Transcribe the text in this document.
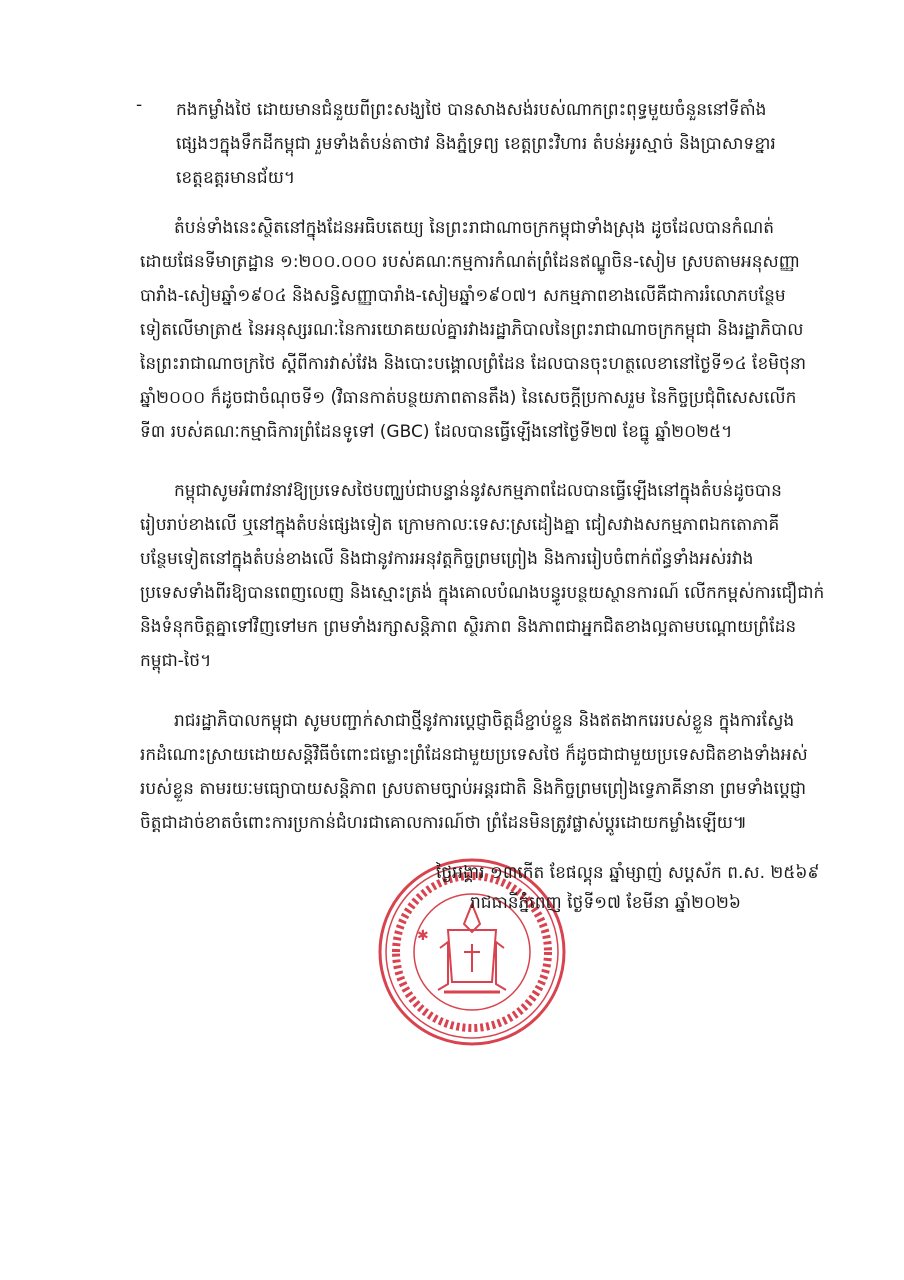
- កងកម្លាំងថៃ ដោយមានជំនួយពីព្រះសង្ឃថៃ បានសាងសង់របស់ណាកព្រះពុទ្ធមួយចំនួននៅទីតាំង
ផ្សេងៗក្នុងទឹកដីកម្ពុជា រួមទាំងតំបន់តាថាវ និងភ្នំទ្រព្យ ខេត្តព្រះវិហារ តំបន់អូរស្មាច់ និងប្រាសាទខ្នារ
ខេត្តឧត្តរមានជ័យ។
តំបន់ទាំងនេះស្ថិតនៅក្នុងដែនអធិបតេយ្យ នៃព្រះរាជាណាចក្រកម្ពុជាទាំងស្រុង ដូចដែលបានកំណត់
ដោយផែនទីមាត្រដ្ឋាន ១:២០០.០០០ របស់គណៈកម្មការកំណត់ព្រំដែនឥណ្ឌូចិន-សៀម ស្របតាមអនុសញ្ញា
បារាំង-សៀមឆ្នាំ១៩០៤ និងសន្ធិសញ្ញាបារាំង-សៀមឆ្នាំ១៩០៧។ សកម្មភាពខាងលើគឺជាការរំលោភបន្ថែម
ទៀតលើមាត្រា៥ នៃអនុស្សរណៈនៃការយោគយល់គ្នារវាងរដ្ឋាភិបាលនៃព្រះរាជាណាចក្រកម្ពុជា និងរដ្ឋាភិបាល
នៃព្រះរាជាណាចក្រថៃ ស្តីពីការវាស់វែង និងបោះបង្គោលព្រំដែន ដែលបានចុះហត្ថលេខានៅថ្ងៃទី១៤ ខែមិថុនា
ឆ្នាំ២០០០ ក៏ដូចជាចំណុចទី១ (វិធានកាត់បន្ថយភាពតានតឹង) នៃសេចក្តីប្រកាសរួម នៃកិច្ចប្រជុំពិសេសលើក
ទី៣ របស់គណៈកម្មាធិការព្រំដែនទូទៅ (GBC) ដែលបានធ្វើឡើងនៅថ្ងៃទី២៧ ខែធ្នូ ឆ្នាំ២០២៥។
កម្ពុជាសូមអំពាវនាវឱ្យប្រទេសថៃបញ្ឈប់ជាបន្ទាន់នូវសកម្មភាពដែលបានធ្វើឡើងនៅក្នុងតំបន់ដូចបាន
រៀបរាប់ខាងលើ ឬនៅក្នុងតំបន់ផ្សេងទៀត ក្រោមកាលៈទេសៈស្រដៀងគ្នា ជៀសវាងសកម្មភាពឯកតោភាគី
បន្ថែមទៀតនៅក្នុងតំបន់ខាងលើ និងជានូវការអនុវត្តកិច្ចព្រមព្រៀង និងការរៀបចំពាក់ព័ន្ធទាំងអស់រវាង
ប្រទេសទាំងពីរឱ្យបានពេញលេញ និងស្មោះត្រង់ ក្នុងគោលបំណងបន្ធូរបន្ថយស្ថានការណ៍ លើកកម្ពស់ការជឿជាក់
និងទំនុកចិត្តគ្នាទៅវិញទៅមក ព្រមទាំងរក្សាសន្តិភាព ស្ថិរភាព និងភាពជាអ្នកជិតខាងល្អតាមបណ្តោយព្រំដែន
កម្ពុជា-ថៃ។
រាជរដ្ឋាភិបាលកម្ពុជា សូមបញ្ជាក់សាជាថ្មីនូវការប្តេជ្ញាចិត្តដ៏ខ្ជាប់ខ្ជួន និងឥតងាករេរបស់ខ្លួន ក្នុងការស្វែង
រកដំណោះស្រាយដោយសន្តិវិធីចំពោះជម្លោះព្រំដែនជាមួយប្រទេសថៃ ក៏ដូចជាជាមួយប្រទេសជិតខាងទាំងអស់
របស់ខ្លួន តាមរយៈមធ្យោបាយសន្តិភាព ស្របតាមច្បាប់អន្តរជាតិ និងកិច្ចព្រមព្រៀងទ្វេភាគីនានា ព្រមទាំងប្តេជ្ញា
ចិត្តជាដាច់ខាតចំពោះការប្រកាន់ជំហរជាគោលការណ៍ថា ព្រំដែនមិនត្រូវផ្លាស់ប្តូរដោយកម្លាំងឡើយ៕
✱
ថ្ងៃអង្គារ ១៣កើត ខែផល្គុន ឆ្នាំម្សាញ់ សប្តស័ក ព.ស. ២៥៦៩
រាជធានីភ្នំពេញ ថ្ងៃទី១៧ ខែមីនា ឆ្នាំ២០២៦
